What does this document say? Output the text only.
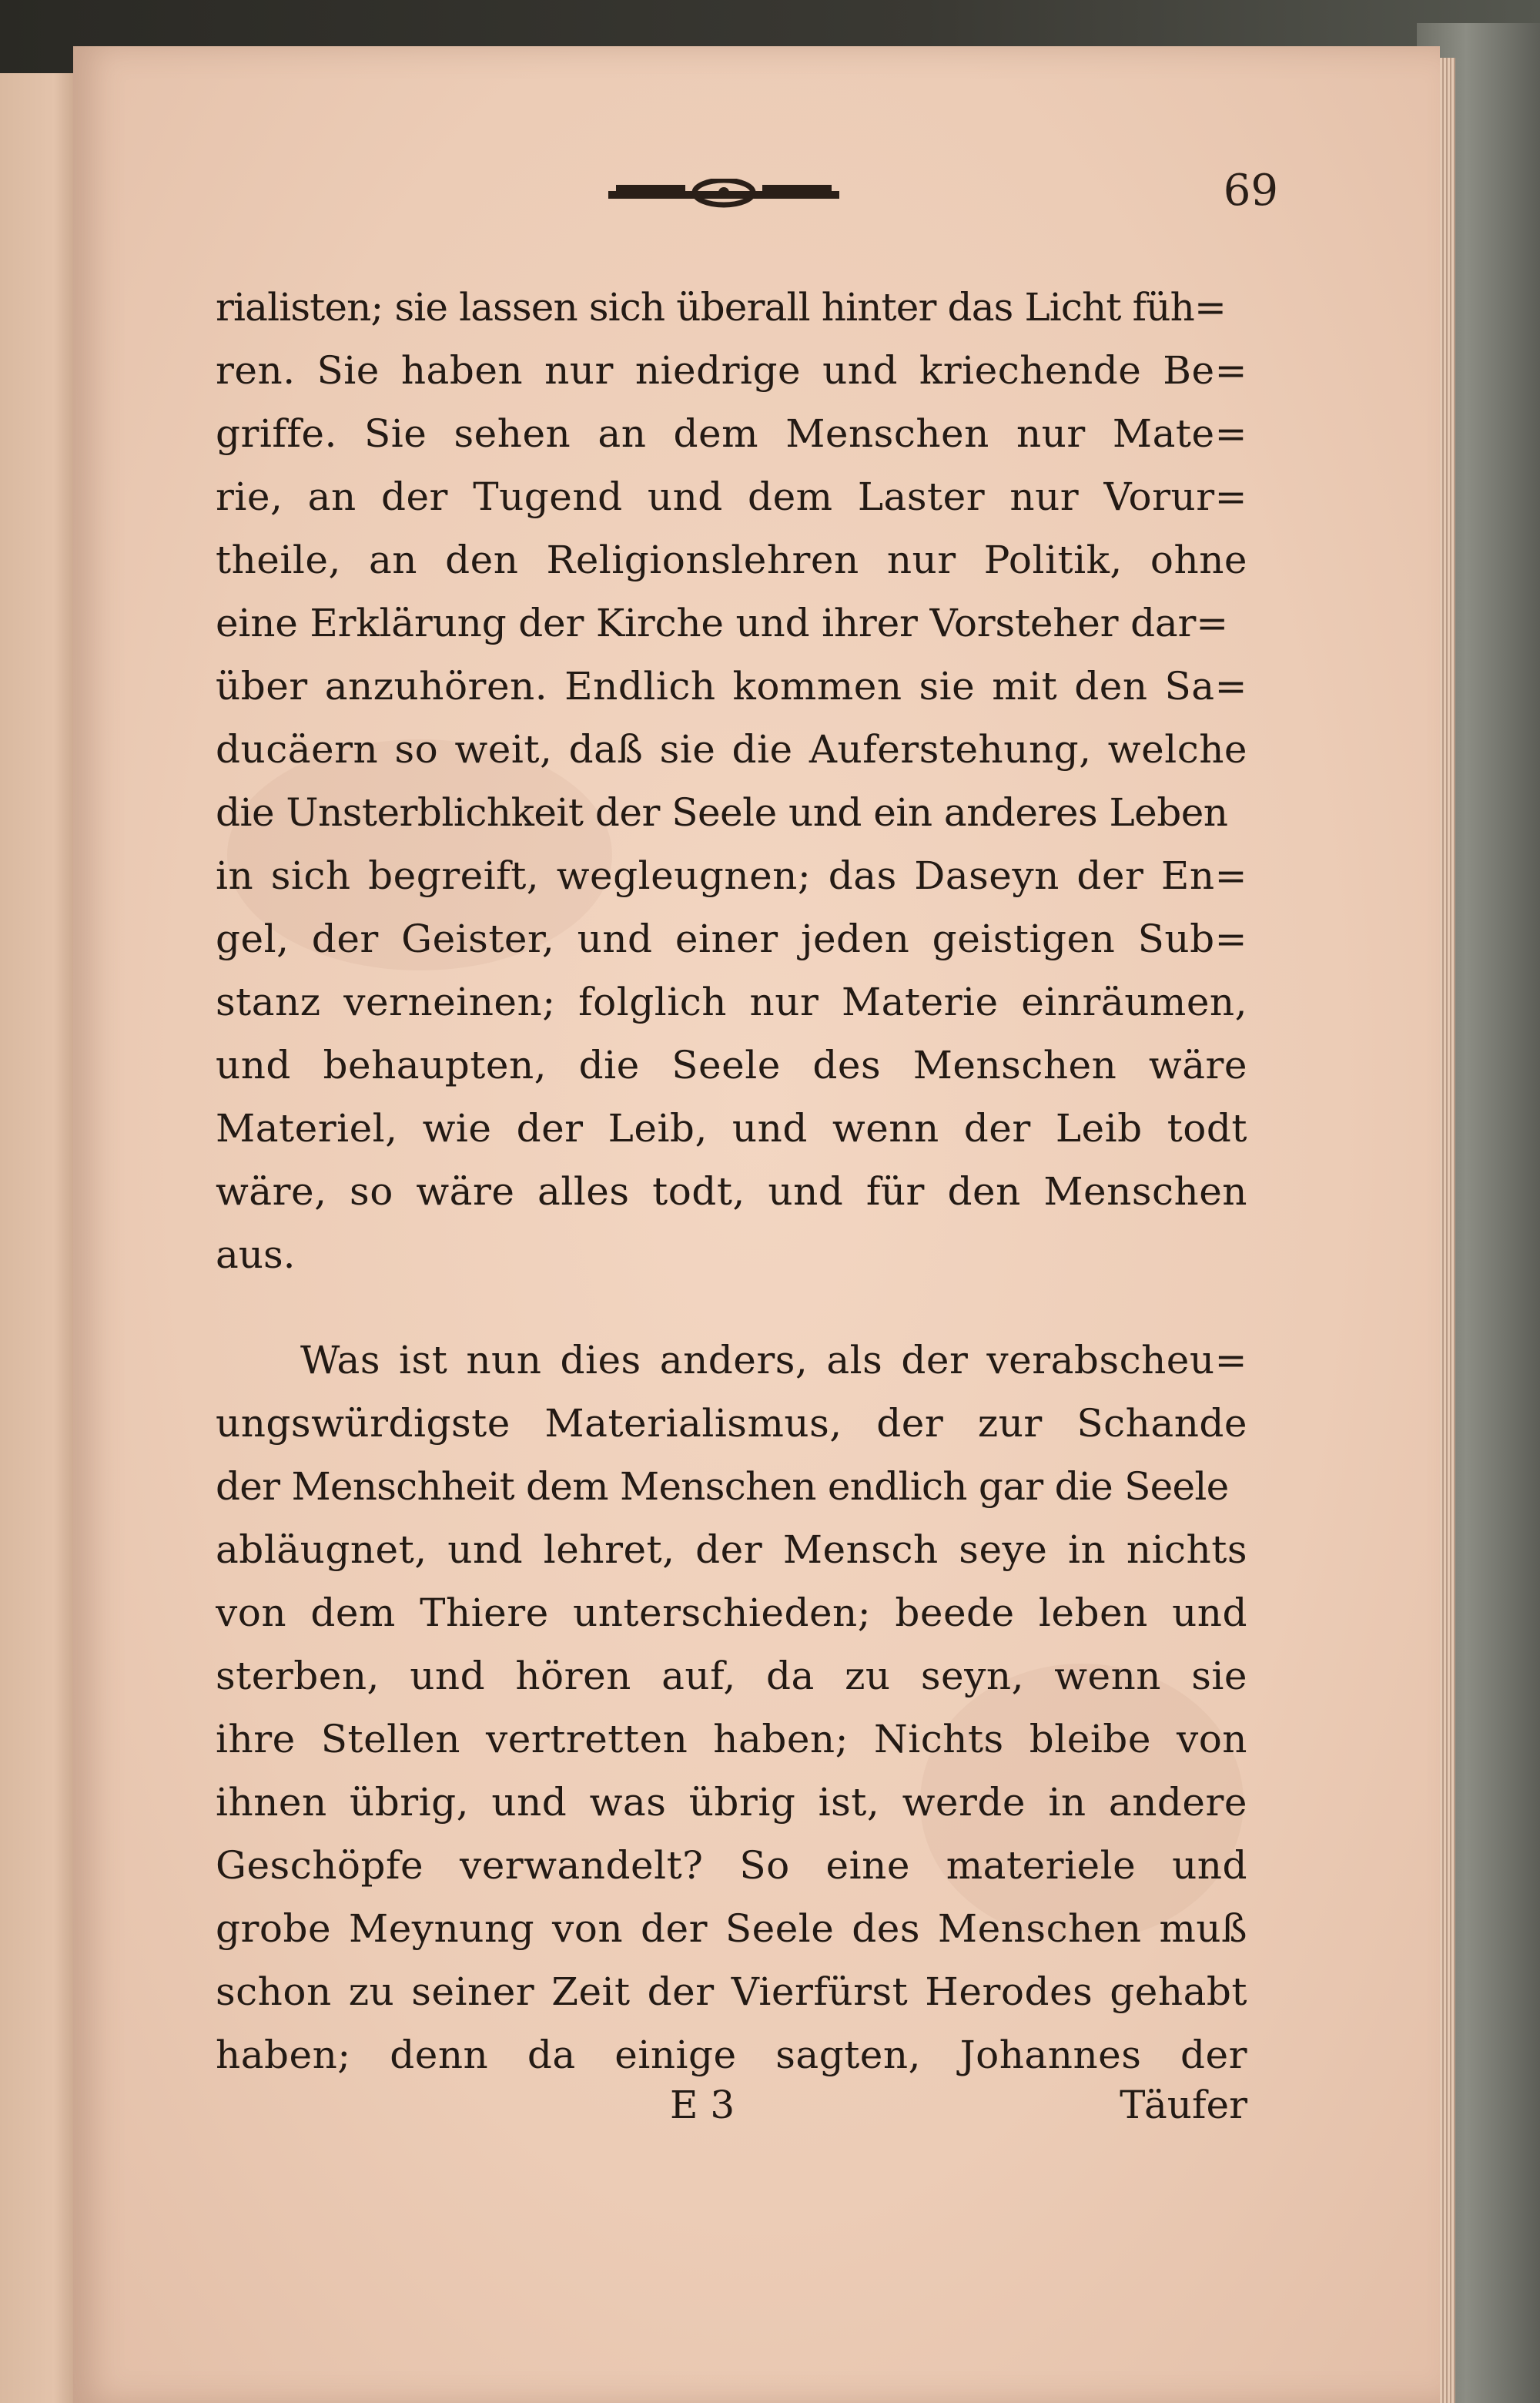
69
rialisten; sie lassen sich überall hinter das Licht füh=
ren. Sie haben nur niedrige und kriechende Be=
griffe. Sie sehen an dem Menschen nur Mate=
rie, an der Tugend und dem Laster nur Vorur=
theile, an den Religionslehren nur Politik, ohne
eine Erklärung der Kirche und ihrer Vorsteher dar=
über anzuhören. Endlich kommen sie mit den Sa=
ducäern so weit, daß sie die Auferstehung, welche
die Unsterblichkeit der Seele und ein anderes Leben
in sich begreift, wegleugnen; das Daseyn der En=
gel, der Geister, und einer jeden geistigen Sub=
stanz verneinen; folglich nur Materie einräumen,
und behaupten, die Seele des Menschen wäre
Materiel, wie der Leib, und wenn der Leib todt
wäre, so wäre alles todt, und für den Menschen
aus.
Was ist nun dies anders, als der verabscheu=
ungswürdigste Materialismus, der zur Schande
der Menschheit dem Menschen endlich gar die Seele
abläugnet, und lehret, der Mensch seye in nichts
von dem Thiere unterschieden; beede leben und
sterben, und hören auf, da zu seyn, wenn sie
ihre Stellen vertretten haben; Nichts bleibe von
ihnen übrig, und was übrig ist, werde in andere
Geschöpfe verwandelt? So eine materiele und
grobe Meynung von der Seele des Menschen muß
schon zu seiner Zeit der Vierfürst Herodes gehabt
haben; denn da einige sagten, Johannes der
E 3	Täufer
